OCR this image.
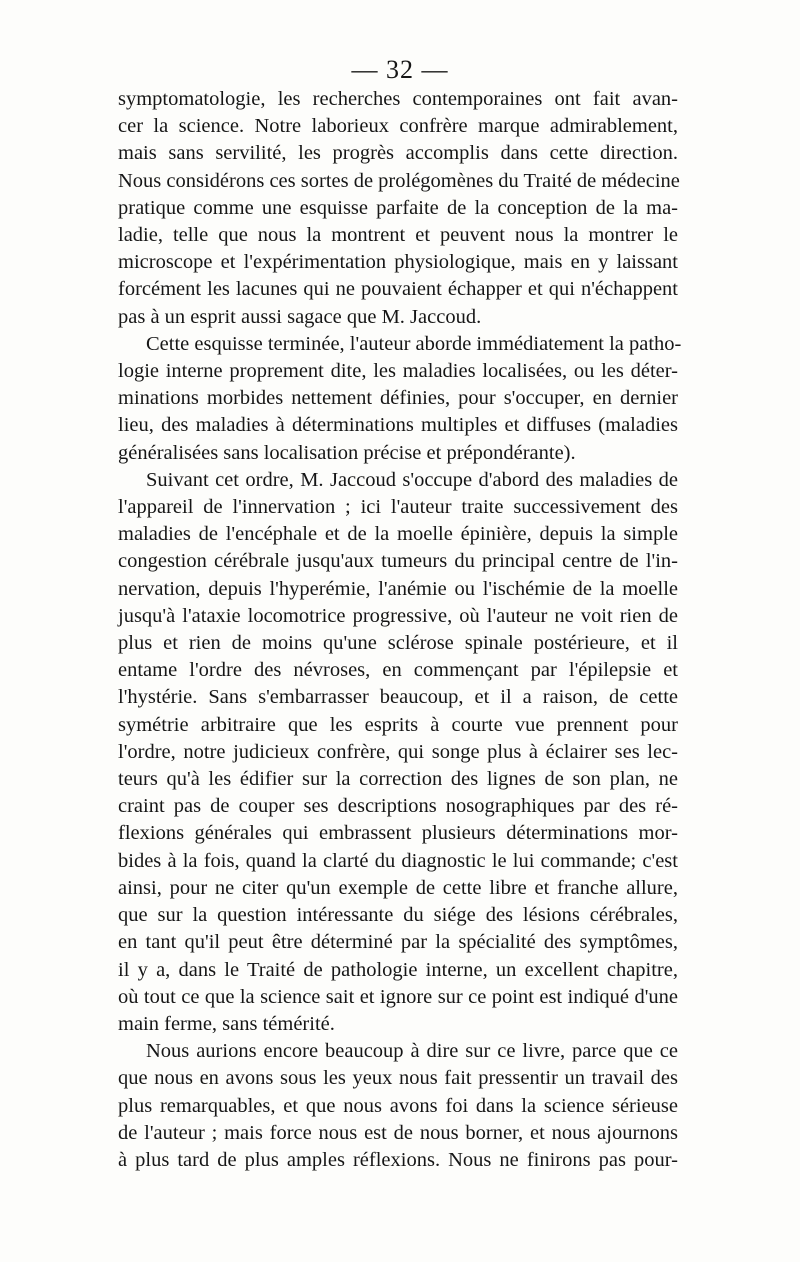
— 32 —

symptomatologie, les recherches contemporaines ont fait avan-
cer la science. Notre laborieux confrère marque admirablement,
mais sans servilité, les progrès accomplis dans cette direction.
Nous considérons ces sortes de prolégomènes du Traité de médecine
pratique comme une esquisse parfaite de la conception de la ma-
ladie, telle que nous la montrent et peuvent nous la montrer le
microscope et l'expérimentation physiologique, mais en y laissant
forcément les lacunes qui ne pouvaient échapper et qui n'échappent
pas à un esprit aussi sagace que M. Jaccoud.

Cette esquisse terminée, l'auteur aborde immédiatement la patho-
logie interne proprement dite, les maladies localisées, ou les déter-
minations morbides nettement définies, pour s'occuper, en dernier
lieu, des maladies à déterminations multiples et diffuses (maladies
généralisées sans localisation précise et prépondérante).

Suivant cet ordre, M. Jaccoud s'occupe d'abord des maladies de
l'appareil de l'innervation ; ici l'auteur traite successivement des
maladies de l'encéphale et de la moelle épinière, depuis la simple
congestion cérébrale jusqu'aux tumeurs du principal centre de l'in-
nervation, depuis l'hyperémie, l'anémie ou l'ischémie de la moelle
jusqu'à l'ataxie locomotrice progressive, où l'auteur ne voit rien de
plus et rien de moins qu'une sclérose spinale postérieure, et il
entame l'ordre des névroses, en commençant par l'épilepsie et
l'hystérie. Sans s'embarrasser beaucoup, et il a raison, de cette
symétrie arbitraire que les esprits à courte vue prennent pour
l'ordre, notre judicieux confrère, qui songe plus à éclairer ses lec-
teurs qu'à les édifier sur la correction des lignes de son plan, ne
craint pas de couper ses descriptions nosographiques par des ré-
flexions générales qui embrassent plusieurs déterminations mor-
bides à la fois, quand la clarté du diagnostic le lui commande; c'est
ainsi, pour ne citer qu'un exemple de cette libre et franche allure,
que sur la question intéressante du siége des lésions cérébrales,
en tant qu'il peut être déterminé par la spécialité des symptômes,
il y a, dans le Traité de pathologie interne, un excellent chapitre,
où tout ce que la science sait et ignore sur ce point est indiqué d'une
main ferme, sans témérité.

Nous aurions encore beaucoup à dire sur ce livre, parce que ce
que nous en avons sous les yeux nous fait pressentir un travail des
plus remarquables, et que nous avons foi dans la science sérieuse
de l'auteur ; mais force nous est de nous borner, et nous ajournons
à plus tard de plus amples réflexions. Nous ne finirons pas pour-
